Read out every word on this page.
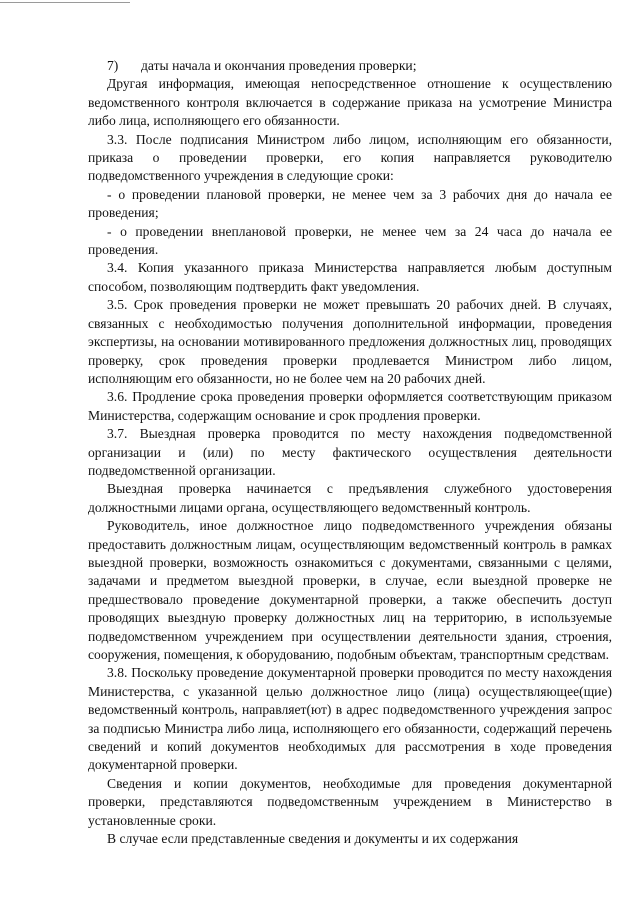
7) даты начала и окончания проведения проверки;

Другая информация, имеющая непосредственное отношение к осуществлению ведомственного контроля включается в содержание приказа на усмотрение Министра либо лица, исполняющего его обязанности.

3.3. После подписания Министром либо лицом, исполняющим его обязанности, приказа о проведении проверки, его копия направляется руководителю подведомственного учреждения в следующие сроки:

- о проведении плановой проверки, не менее чем за 3 рабочих дня до начала ее проведения;

- о проведении внеплановой проверки, не менее чем за 24 часа до начала ее проведения.

3.4. Копия указанного приказа Министерства направляется любым доступным способом, позволяющим подтвердить факт уведомления.

3.5. Срок проведения проверки не может превышать 20 рабочих дней. В случаях, связанных с необходимостью получения дополнительной информации, проведения экспертизы, на основании мотивированного предложения должностных лиц, проводящих проверку, срок проведения проверки продлевается Министром либо лицом, исполняющим его обязанности, но не более чем на 20 рабочих дней.

3.6. Продление срока проведения проверки оформляется соответствующим приказом Министерства, содержащим основание и срок продления проверки.

3.7. Выездная проверка проводится по месту нахождения подведомственной организации и (или) по месту фактического осуществления деятельности подведомственной организации.

Выездная проверка начинается с предъявления служебного удостоверения должностными лицами органа, осуществляющего ведомственный контроль.

Руководитель, иное должностное лицо подведомственного учреждения обязаны предоставить должностным лицам, осуществляющим ведомственный контроль в рамках выездной проверки, возможность ознакомиться с документами, связанными с целями, задачами и предметом выездной проверки, в случае, если выездной проверке не предшествовало проведение документарной проверки, а также обеспечить доступ проводящих выездную проверку должностных лиц на территорию, в используемые подведомственном учреждением при осуществлении деятельности здания, строения, сооружения, помещения, к оборудованию, подобным объектам, транспортным средствам.

3.8. Поскольку проведение документарной проверки проводится по месту нахождения Министерства, с указанной целью должностное лицо (лица) осуществляющее(щие) ведомственный контроль, направляет(ют) в адрес подведомственного учреждения запрос за подписью Министра либо лица, исполняющего его обязанности, содержащий перечень сведений и копий документов необходимых для рассмотрения в ходе проведения документарной проверки.

Сведения и копии документов, необходимые для проведения документарной проверки, представляются подведомственным учреждением в Министерство в установленные сроки.

В случае если представленные сведения и документы и их содержания
